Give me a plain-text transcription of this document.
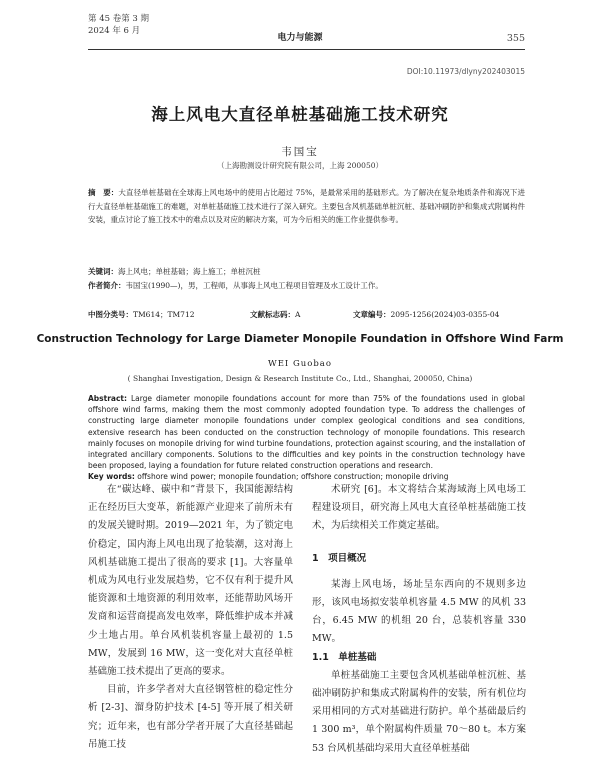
第 45 卷第 3 期
2024 年 6 月
电力与能源	355
DOI:10.11973/dlyny202403015
海上风电大直径单桩基础施工技术研究
韦国宝
（上海勘测设计研究院有限公司，上海 200050）
摘　要：大直径单桩基础在全球海上风电场中的使用占比超过 75%，是最常采用的基础形式。为了解决在复杂地质条件和海况下进行大直径单桩基础施工的难题，对单桩基础施工技术进行了深入研究。主要包含风机基础单桩沉桩、基础冲刷防护和集成式附属构件安装，重点讨论了施工技术中的难点以及对应的解决方案，可为今后相关的施工作业提供参考。
关键词：海上风电；单桩基础；海上施工；单桩沉桩
作者简介：韦国宝(1990—)，男，工程师，从事海上风电工程项目管理及水工设计工作。
中图分类号：TM614；TM712	文献标志码：A	文章编号：2095-1256(2024)03-0355-04
Construction Technology for Large Diameter Monopile Foundation in Offshore Wind Farm
WEI Guobao
( Shanghai Investigation, Design & Research Institute Co., Ltd., Shanghai, 200050, China)
Abstract: Large diameter monopile foundations account for more than 75% of the foundations used in global offshore wind farms, making them the most commonly adopted foundation type. To address the challenges of constructing large diameter monopile foundations under complex geological conditions and sea conditions, extensive research has been conducted on the construction technology of monopile foundations. This research mainly focuses on monopile driving for wind turbine foundations, protection against scouring, and the installation of integrated ancillary components. Solutions to the difficulties and key points in the construction technology have been proposed, laying a foundation for future related construction operations and research.
Key words: offshore wind power; monopile foundation; offshore construction; monopile driving

在“碳达峰、碳中和”背景下，我国能源结构正在经历巨大变革，新能源产业迎来了前所未有的发展关键时期。2019—2021 年，为了锁定电价稳定，国内海上风电出现了抢装潮，这对海上风机基础施工提出了很高的要求 [1]。大容量单机成为风电行业发展趋势，它不仅有利于提升风能资源和土地资源的利用效率，还能帮助风场开发商和运营商提高发电效率，降低维护成本并减少土地占用。单台风机装机容量上最初的 1.5 MW，发展到 16 MW，这一变化对大直径单桩基础施工技术提出了更高的要求。

目前，许多学者对大直径钢管桩的稳定性分析 [2-3]、溜身防护技术 [4-5] 等开展了相关研究；近年来，也有部分学者开展了大直径基础起吊施工技

术研究 [6]。本文将结合某海域海上风电场工程建设项目，研究海上风电大直径单桩基础施工技术，为后续相关工作奠定基础。

1　项目概况

某海上风电场，场址呈东西向的不规则多边形，该风电场拟安装单机容量 4.5 MW 的风机 33 台，6.45 MW 的机组 20 台，总装机容量 330 MW。

1.1　单桩基础

单桩基础施工主要包含风机基础单桩沉桩、基础冲刷防护和集成式附属构件的安装，所有机位均采用相同的方式对基础进行防护。单个基础最后约 1 300 m³，单个附属构件质量 70～80 t。本方案 53 台风机基础均采用大直径单桩基础
